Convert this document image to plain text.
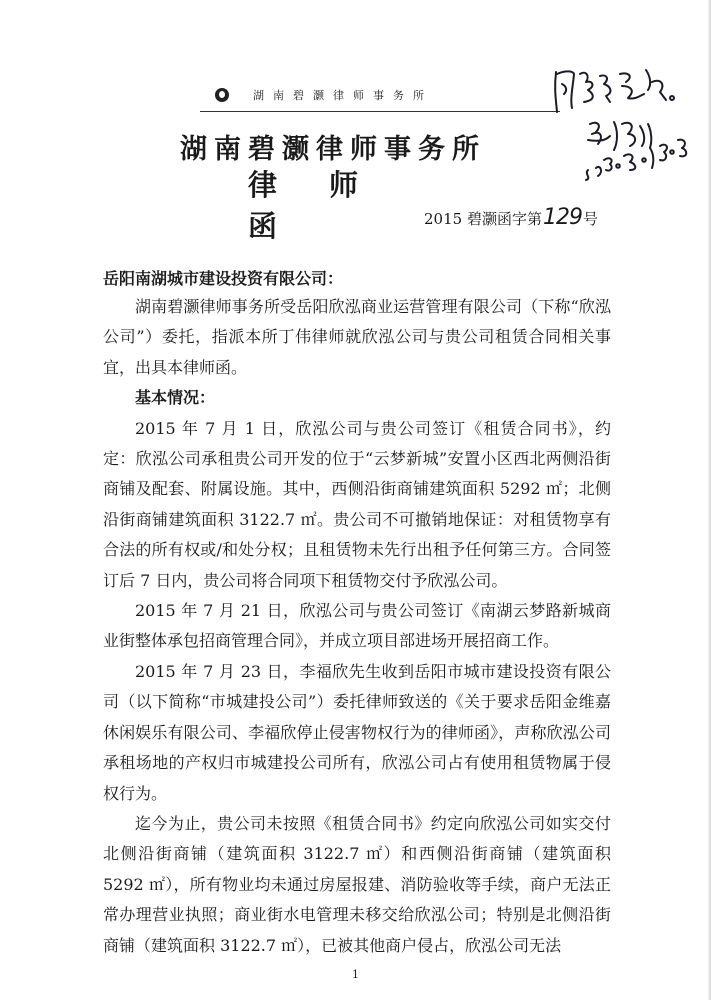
湖南碧灏律师事务所
湖南碧灏律师事务所
律师函	2015 碧灏函字第129号
岳阳南湖城市建设投资有限公司：

湖南碧灏律师事务所受岳阳欣泓商业运营管理有限公司（下称“欣泓公司”）委托，指派本所丁伟律师就欣泓公司与贵公司租赁合同相关事宜，出具本律师函。

基本情况：

2015 年 7 月 1 日，欣泓公司与贵公司签订《租赁合同书》，约定：欣泓公司承租贵公司开发的位于“云梦新城”安置小区西北两侧沿街商铺及配套、附属设施。其中，西侧沿街商铺建筑面积 5292 ㎡；北侧沿街商铺建筑面积 3122.7 ㎡。贵公司不可撤销地保证：对租赁物享有合法的所有权或/和处分权；且租赁物未先行出租予任何第三方。合同签订后 7 日内，贵公司将合同项下租赁物交付予欣泓公司。

2015 年 7 月 21 日，欣泓公司与贵公司签订《南湖云梦路新城商业街整体承包招商管理合同》，并成立项目部进场开展招商工作。

2015 年 7 月 23 日，李福欣先生收到岳阳市城市建设投资有限公司（以下简称“市城建投公司”）委托律师致送的《关于要求岳阳金维嘉休闲娱乐有限公司、李福欣停止侵害物权行为的律师函》，声称欣泓公司承租场地的产权归市城建投公司所有，欣泓公司占有使用租赁物属于侵权行为。

迄今为止，贵公司未按照《租赁合同书》约定向欣泓公司如实交付北侧沿街商铺（建筑面积 3122.7 ㎡）和西侧沿街商铺（建筑面积 5292 ㎡），所有物业均未通过房屋报建、消防验收等手续，商户无法正常办理营业执照；商业街水电管理未移交给欣泓公司；特别是北侧沿街商铺（建筑面积 3122.7 ㎡），已被其他商户侵占，欣泓公司无法

1
